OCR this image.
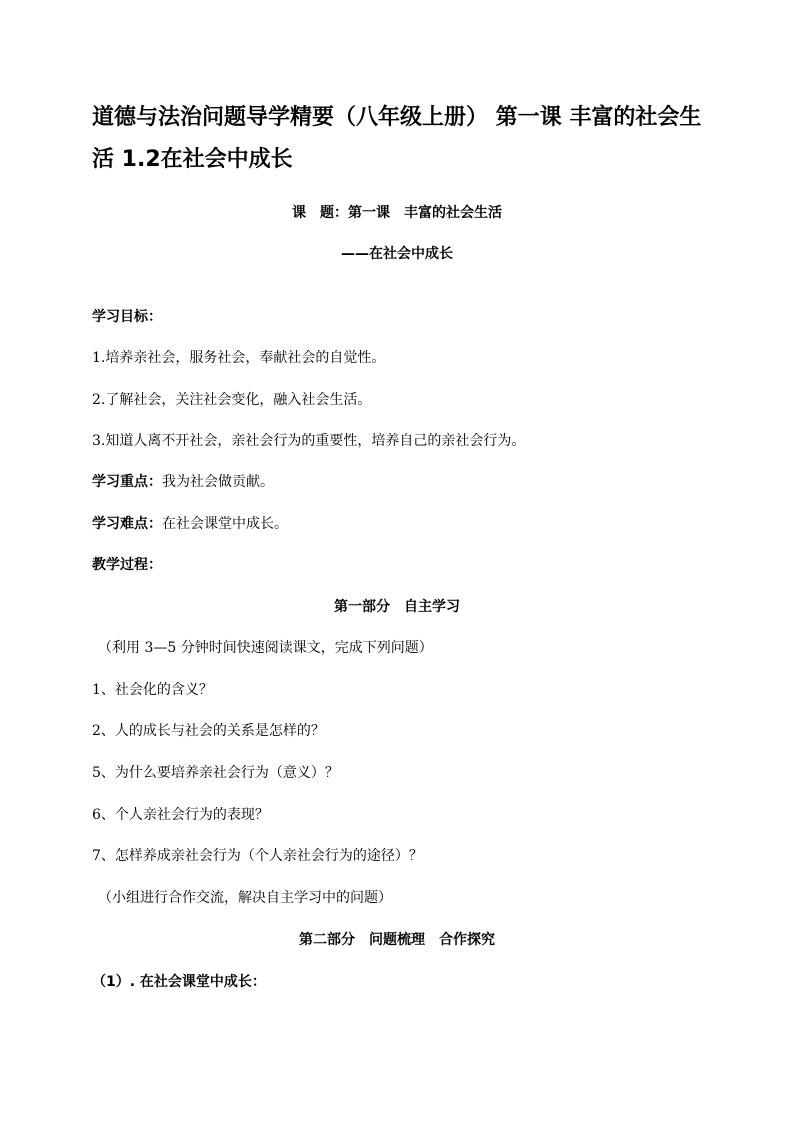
道德与法治问题导学精要（八年级上册） 第一课 丰富的社会生活 1.2在社会中成长
课　题：第一课　丰富的社会生活
——在社会中成长
学习目标：
1.培养亲社会，服务社会，奉献社会的自觉性。
2.了解社会，关注社会变化，融入社会生活。
3.知道人离不开社会，亲社会行为的重要性，培养自己的亲社会行为。
学习重点：我为社会做贡献。
学习难点：在社会课堂中成长。
教学过程：
第一部分　自主学习
（利用 3—5 分钟时间快速阅读课文，完成下列问题）
1、社会化的含义？
2、人的成长与社会的关系是怎样的？
5、为什么要培养亲社会行为（意义）？
6、个人亲社会行为的表现？
7、怎样养成亲社会行为（个人亲社会行为的途径）？
（小组进行合作交流，解决自主学习中的问题）
第二部分　问题梳理　合作探究
（1）. 在社会课堂中成长：
